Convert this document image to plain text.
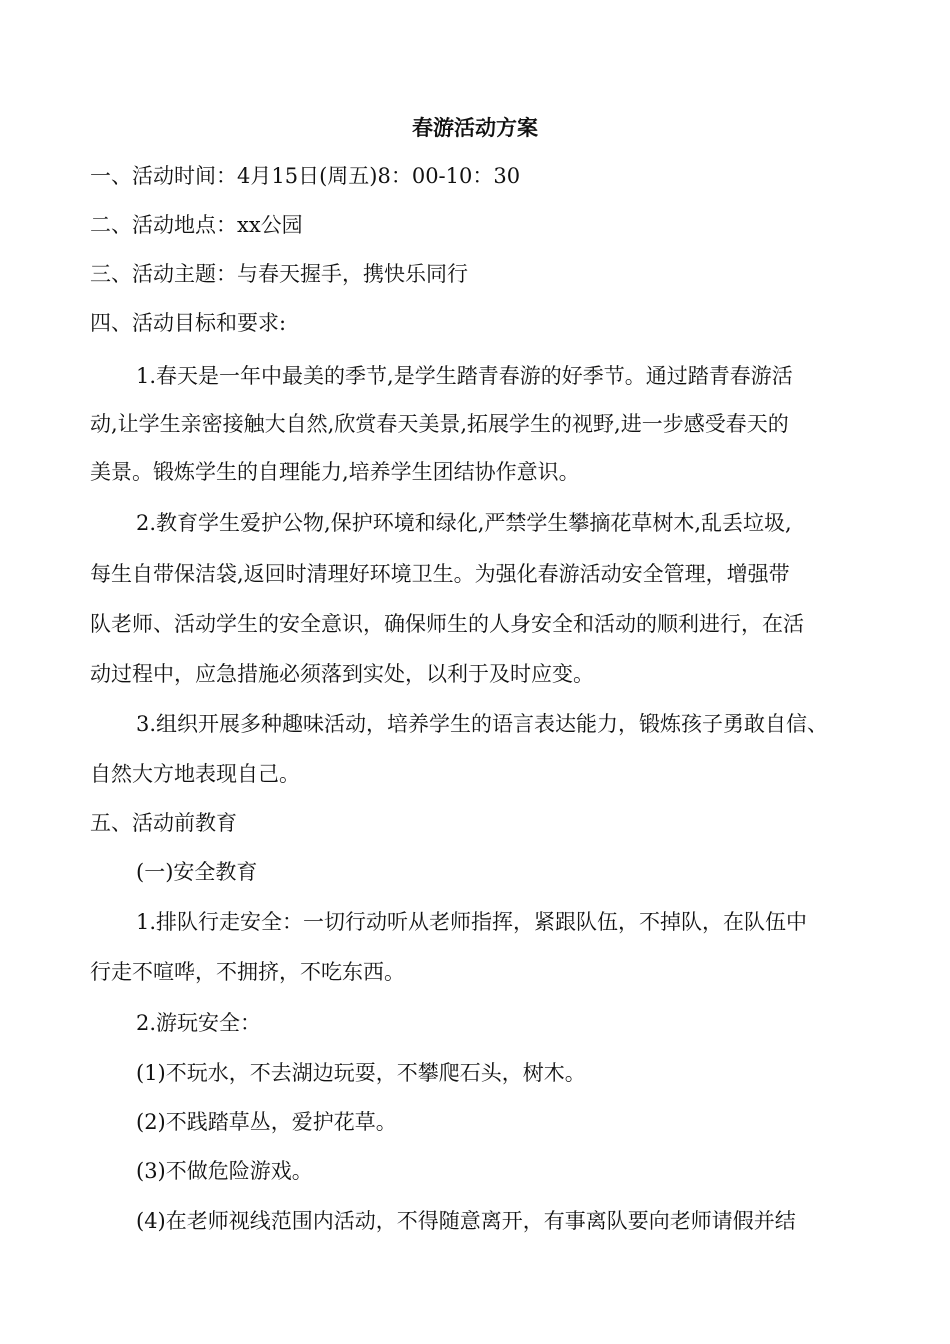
春游活动方案
一、活动时间：4月15日(周五)8：00-10：30
二、活动地点：xx公园
三、活动主题：与春天握手，携快乐同行
四、活动目标和要求:
1.春天是一年中最美的季节,是学生踏青春游的好季节。通过踏青春游活
动,让学生亲密接触大自然,欣赏春天美景,拓展学生的视野,进一步感受春天的
美景。锻炼学生的自理能力,培养学生团结协作意识。
2.教育学生爱护公物,保护环境和绿化,严禁学生攀摘花草树木,乱丢垃圾,
每生自带保洁袋,返回时清理好环境卫生。为强化春游活动安全管理，增强带
队老师、活动学生的安全意识，确保师生的人身安全和活动的顺利进行，在活
动过程中，应急措施必须落到实处，以利于及时应变。
3.组织开展多种趣味活动，培养学生的语言表达能力，锻炼孩子勇敢自信、
自然大方地表现自己。
五、活动前教育
(一)安全教育
1.排队行走安全：一切行动听从老师指挥，紧跟队伍，不掉队，在队伍中
行走不喧哗，不拥挤，不吃东西。
2.游玩安全：
(1)不玩水，不去湖边玩耍，不攀爬石头，树木。
(2)不践踏草丛，爱护花草。
(3)不做危险游戏。
(4)在老师视线范围内活动，不得随意离开，有事离队要向老师请假并结
